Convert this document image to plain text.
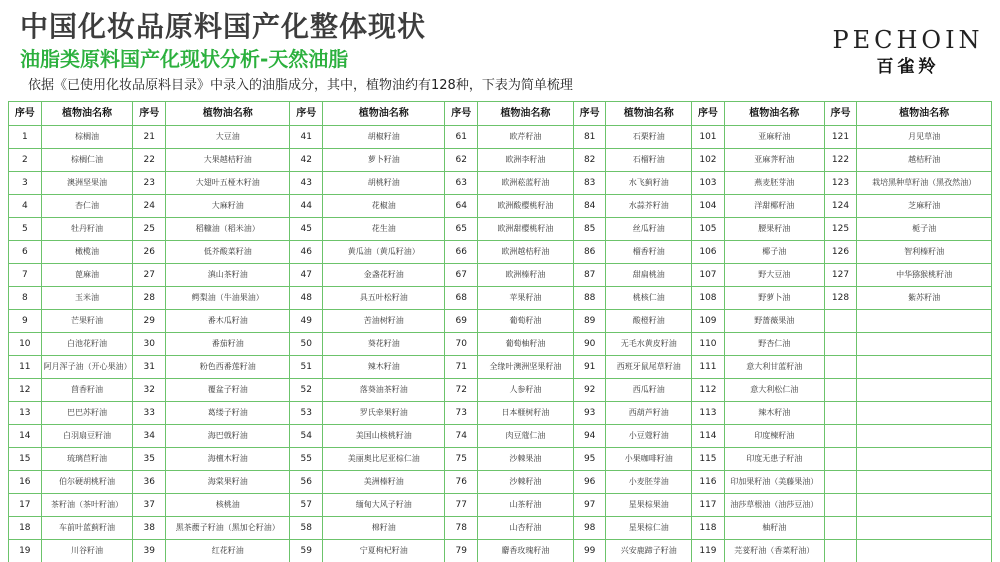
中国化妆品原料国产化整体现状
油脂类原料国产化现状分析-天然油脂
依据《已使用化妆品原料目录》中录入的油脂成分，其中，植物油约有128种，下表为简单梳理
PECHOIN
百雀羚
序号	植物油名称	序号	植物油名称	序号	植物油名称	序号	植物油名称	序号	植物油名称	序号	植物油名称	序号	植物油名称
1	棕榈油	21	大豆油	41	胡椒籽油	61	欧芹籽油	81	石栗籽油	101	亚麻籽油	121	月见草油
2	棕榈仁油	22	大果越桔籽油	42	萝卜籽油	62	欧洲李籽油	82	石榴籽油	102	亚麻荠籽油	122	越桔籽油
3	澳洲坚果油	23	大翅叶五桠木籽油	43	胡桃籽油	63	欧洲菘蓝籽油	83	水飞蓟籽油	103	燕麦胚芽油	123	栽培黑种草籽油（黑孜然油）
4	杏仁油	24	大麻籽油	44	花椒油	64	欧洲酸樱桃籽油	84	水蒜芥籽油	104	洋甜椰籽油	124	芝麻籽油
5	牡丹籽油	25	稻糠油（稻米油）	45	花生油	65	欧洲甜樱桃籽油	85	丝瓜籽油	105	腰果籽油	125	栀子油
6	橄榄油	26	低芥酸菜籽油	46	黄瓜油（黄瓜籽油）	66	欧洲越桔籽油	86	榴香籽油	106	椰子油	126	智利榛籽油
7	蓖麻油	27	滇山茶籽油	47	金盏花籽油	67	欧洲榛籽油	87	甜扁桃油	107	野大豆油	127	中华猕猴桃籽油
8	玉米油	28	鳄梨油（牛油果油）	48	具五叶松籽油	68	苹果籽油	88	桃核仁油	108	野萝卜油	128	紫苏籽油
9	芒果籽油	29	番木瓜籽油	49	苦油树籽油	69	葡萄籽油	89	酸橙籽油	109	野蔷薇果油		
10	白池花籽油	30	番茄籽油	50	葵花籽油	70	葡萄柚籽油	90	无毛水黄皮籽油	110	野杏仁油		
11	阿月浑子油（开心果油）	31	粉色西番莲籽油	51	辣木籽油	71	全缘叶澳洲坚果籽油	91	西班牙鼠尾草籽油	111	意大利甘蓝籽油		
12	茴香籽油	32	覆盆子籽油	52	落葵油茶籽油	72	人参籽油	92	西瓜籽油	112	意大利松仁油		
13	巴巴苏籽油	33	葛缕子籽油	53	罗氏牵果籽油	73	日本榧树籽油	93	西葫芦籽油	113	辣木籽油		
14	白羽扇豆籽油	34	海巴戟籽油	54	美国山核桃籽油	74	肉豆蔻仁油	94	小豆蔻籽油	114	印度楝籽油		
15	琉璃苣籽油	35	海檀木籽油	55	美丽奥比尼亚棕仁油	75	沙棘果油	95	小果咖啡籽油	115	印度无患子籽油		
16	伯尔硬胡桃籽油	36	海棠果籽油	56	美洲榛籽油	76	沙棘籽油	96	小麦胚芽油	116	印加果籽油（美藤果油）		
17	茶籽油（茶叶籽油）	37	核桃油	57	缅甸大风子籽油	77	山茶籽油	97	星果棕果油	117	油莎草根油（油莎豆油）		
18	车前叶蓝蓟籽油	38	黑茶藨子籽油（黑加仑籽油）	58	棉籽油	78	山杏籽油	98	星果棕仁油	118	柚籽油		
19	川谷籽油	39	红花籽油	59	宁夏枸杞籽油	79	麝香玫瑰籽油	99	兴安鹿蹄子籽油	119	芫荽籽油（香菜籽油）		
